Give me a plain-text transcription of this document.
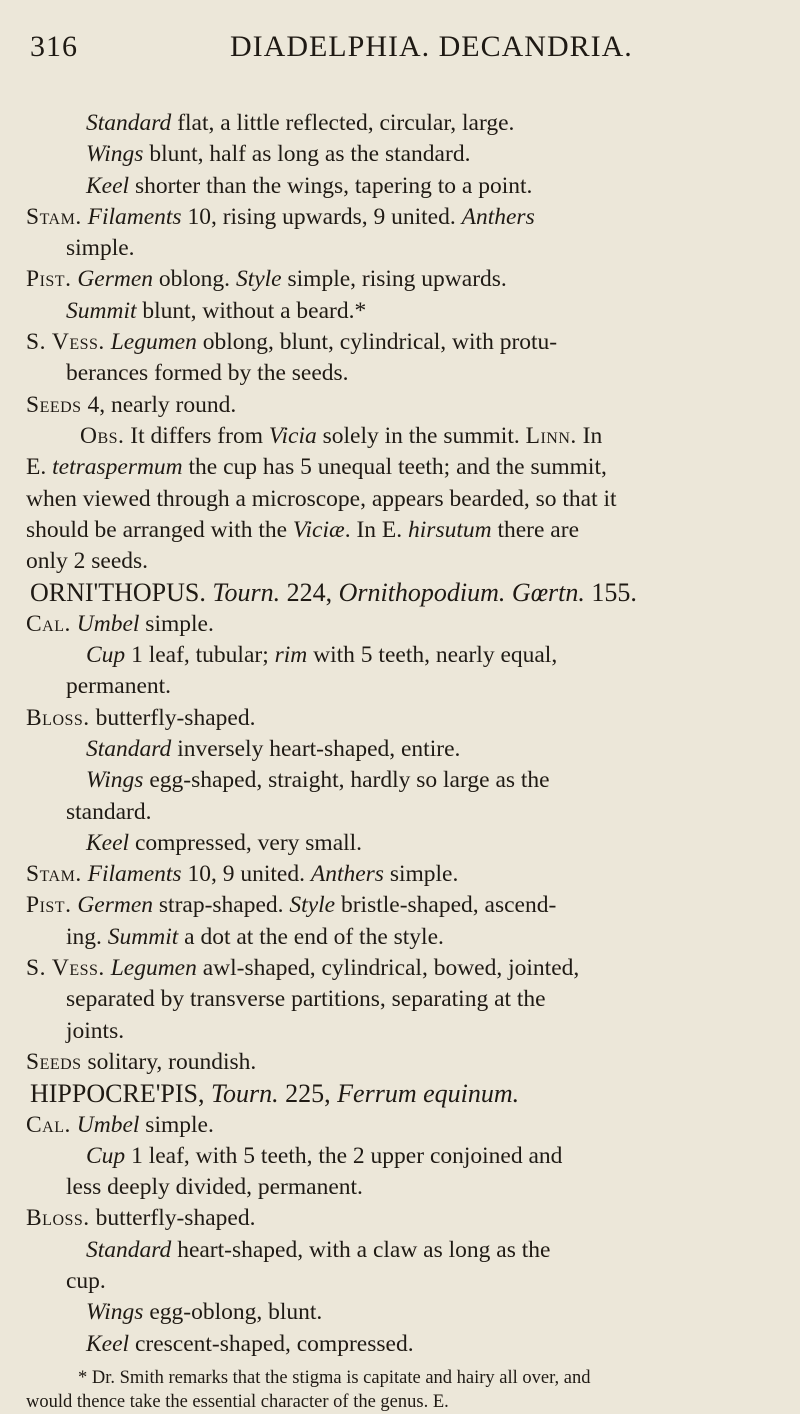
316	DIADELPHIA. DECANDRIA.
Standard flat, a little reflected, circular, large.
Wings blunt, half as long as the standard.
Keel shorter than the wings, tapering to a point.
Stam. Filaments 10, rising upwards, 9 united. Anthers
simple.
Pist. Germen oblong. Style simple, rising upwards.
Summit blunt, without a beard.*
S. Vess. Legumen oblong, blunt, cylindrical, with protu-
berances formed by the seeds.
Seeds 4, nearly round.
Obs. It differs from Vicia solely in the summit. Linn. In
E. tetraspermum the cup has 5 unequal teeth; and the summit,
when viewed through a microscope, appears bearded, so that it
should be arranged with the Viciæ. In E. hirsutum there are
only 2 seeds.
ORNI'THOPUS. Tourn. 224, Ornithopodium. Gœrtn. 155.
Cal. Umbel simple.
Cup 1 leaf, tubular; rim with 5 teeth, nearly equal,
permanent.
Bloss. butterfly-shaped.
Standard inversely heart-shaped, entire.
Wings egg-shaped, straight, hardly so large as the
standard.
Keel compressed, very small.
Stam. Filaments 10, 9 united. Anthers simple.
Pist. Germen strap-shaped. Style bristle-shaped, ascend-
ing. Summit a dot at the end of the style.
S. Vess. Legumen awl-shaped, cylindrical, bowed, jointed,
separated by transverse partitions, separating at the
joints.
Seeds solitary, roundish.
HIPPOCRE'PIS, Tourn. 225, Ferrum equinum.
Cal. Umbel simple.
Cup 1 leaf, with 5 teeth, the 2 upper conjoined and
less deeply divided, permanent.
Bloss. butterfly-shaped.
Standard heart-shaped, with a claw as long as the
cup.
Wings egg-oblong, blunt.
Keel crescent-shaped, compressed.
* Dr. Smith remarks that the stigma is capitate and hairy all over, and
would thence take the essential character of the genus. E.
